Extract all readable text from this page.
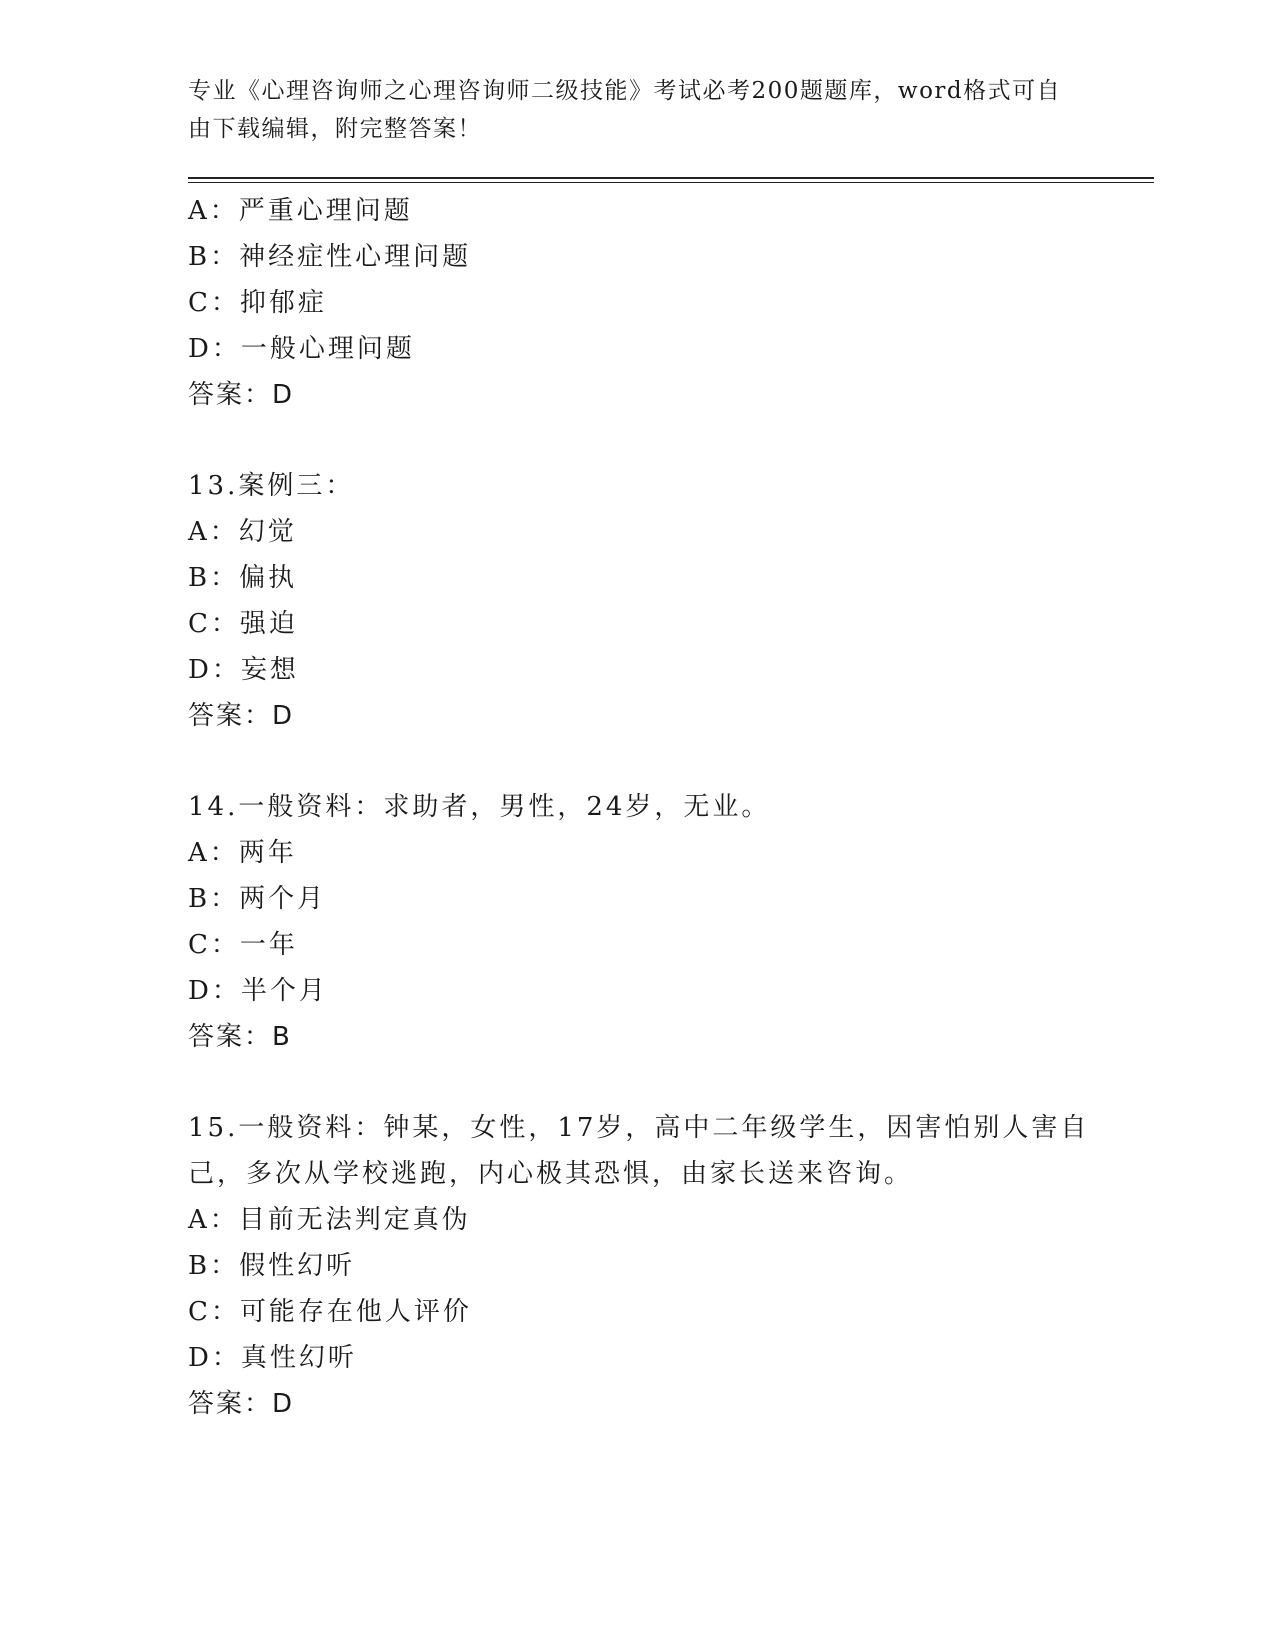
专业《心理咨询师之心理咨询师二级技能》考试必考200题题库，word格式可自
由下载编辑，附完整答案！
A：严重心理问题
B：神经症性心理问题
C：抑郁症
D：一般心理问题
答案：D
13.案例三：
A：幻觉
B：偏执
C：强迫
D：妄想
答案：D
14.一般资料：求助者，男性，24岁，无业。
A：两年
B：两个月
C：一年
D：半个月
答案：B
15.一般资料：钟某，女性，17岁，高中二年级学生，因害怕别人害自
己，多次从学校逃跑，内心极其恐惧，由家长送来咨询。
A：目前无法判定真伪
B：假性幻听
C：可能存在他人评价
D：真性幻听
答案：D
